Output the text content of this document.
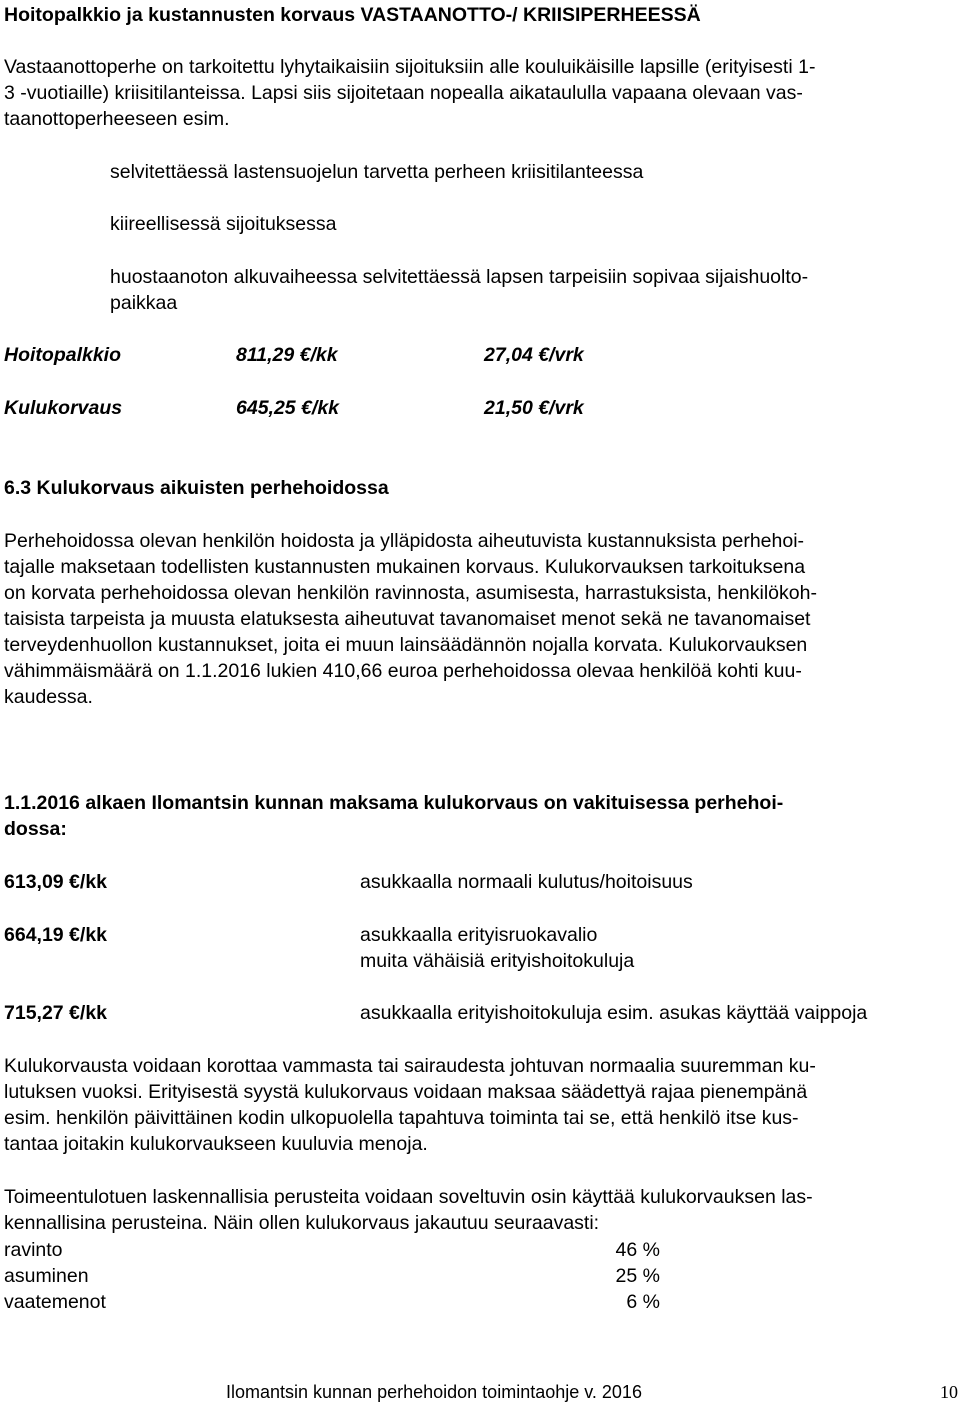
Hoitopalkkio ja kustannusten korvaus VASTAANOTTO-/ KRIISIPERHEESSÄ
Vastaanottoperhe on tarkoitettu lyhytaikaisiin sijoituksiin alle kouluikäisille lapsille (erityisesti 1-
3 -vuotiaille) kriisitilanteissa. Lapsi siis sijoitetaan nopealla aikataululla vapaana olevaan vas-
taanottoperheeseen esim.
selvitettäessä lastensuojelun tarvetta perheen kriisitilanteessa
kiireellisessä sijoituksessa
huostaanoton alkuvaiheessa selvitettäessä lapsen tarpeisiin sopivaa sijaishuolto-
paikkaa
Hoitopalkkio	811,29 €/kk	27,04 €/vrk
Kulukorvaus	645,25 €/kk	21,50 €/vrk
6.3 Kulukorvaus aikuisten perhehoidossa
Perhehoidossa olevan henkilön hoidosta ja ylläpidosta aiheutuvista kustannuksista perhehoi-
tajalle maksetaan todellisten kustannusten mukainen korvaus. Kulukorvauksen tarkoituksena
on korvata perhehoidossa olevan henkilön ravinnosta, asumisesta, harrastuksista, henkilökoh-
taisista tarpeista ja muusta elatuksesta aiheutuvat tavanomaiset menot sekä ne tavanomaiset
terveydenhuollon kustannukset, joita ei muun lainsäädännön nojalla korvata. Kulukorvauksen
vähimmäismäärä on 1.1.2016 lukien 410,66 euroa perhehoidossa olevaa henkilöä kohti kuu-
kaudessa.
1.1.2016 alkaen Ilomantsin kunnan maksama kulukorvaus on vakituisessa perhehoi-
dossa:
613,09 €/kk	asukkaalla normaali kulutus/hoitoisuus
664,19 €/kk	asukkaalla erityisruokavalio
muita vähäisiä erityishoitokuluja
715,27 €/kk	asukkaalla erityishoitokuluja esim. asukas käyttää vaippoja
Kulukorvausta voidaan korottaa vammasta tai sairaudesta johtuvan normaalia suuremman ku-
lutuksen vuoksi. Erityisestä syystä kulukorvaus voidaan maksaa säädettyä rajaa pienempänä
esim. henkilön päivittäinen kodin ulkopuolella tapahtuva toiminta tai se, että henkilö itse kus-
tantaa joitakin kulukorvaukseen kuuluvia menoja.
Toimeentulotuen laskennallisia perusteita voidaan soveltuvin osin käyttää kulukorvauksen las-
kennallisina perusteina. Näin ollen kulukorvaus jakautuu seuraavasti:
ravinto	46 %
asuminen	25 %
vaatemenot	6 %
Ilomantsin kunnan perhehoidon toimintaohje v. 2016	10
